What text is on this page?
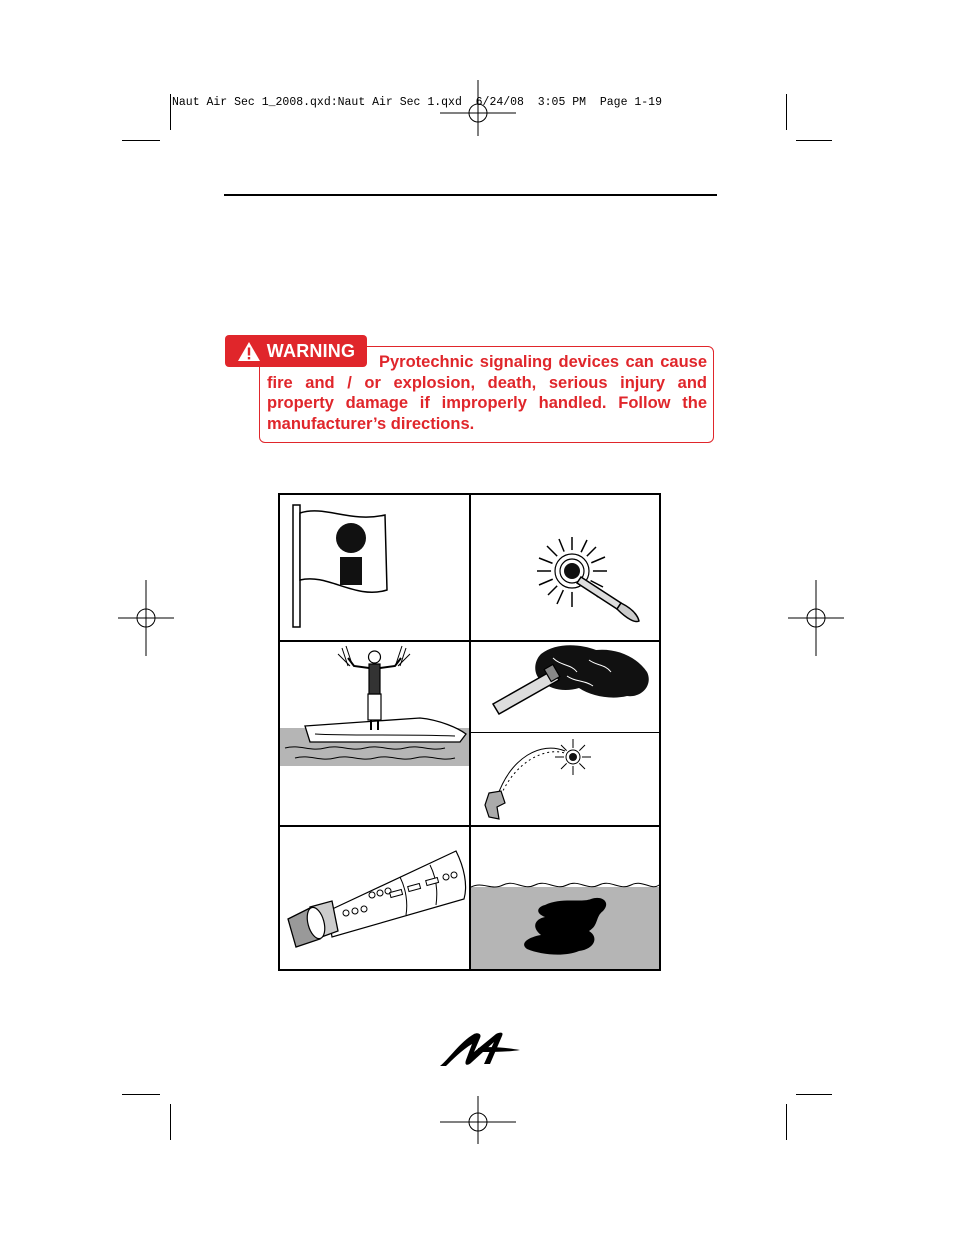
Naut Air Sec 1_2008.qxd:Naut Air Sec 1.qxd  6/24/08  3:05 PM  Page 1-19
WARNING
Pyrotechnic signaling devices can cause fire and / or explosion, death, serious injury and property damage if improperly handled. Follow the manufacturer’s directions.
